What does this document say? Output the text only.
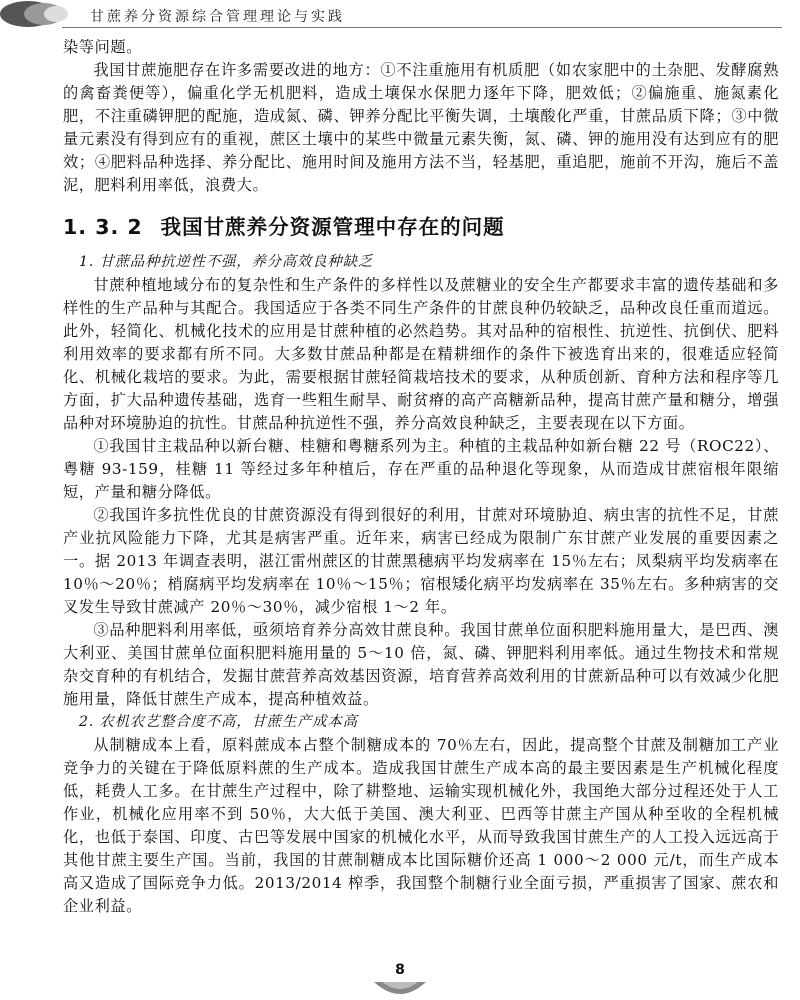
甘蔗养分资源综合管理理论与实践

染等问题。

我国甘蔗施肥存在许多需要改进的地方：①不注重施用有机质肥（如农家肥中的土杂肥、发酵腐熟的禽畜粪便等），偏重化学无机肥料，造成土壤保水保肥力逐年下降，肥效低；②偏施重、施氮素化肥，不注重磷钾肥的配施，造成氮、磷、钾养分配比平衡失调，土壤酸化严重，甘蔗品质下降；③中微量元素没有得到应有的重视，蔗区土壤中的某些中微量元素失衡，氮、磷、钾的施用没有达到应有的肥效；④肥料品种选择、养分配比、施用时间及施用方法不当，轻基肥，重追肥，施前不开沟，施后不盖泥，肥料利用率低，浪费大。

1. 3. 2 我国甘蔗养分资源管理中存在的问题

1. 甘蔗品种抗逆性不强，养分高效良种缺乏

甘蔗种植地域分布的复杂性和生产条件的多样性以及蔗糖业的安全生产都要求丰富的遗传基础和多样性的生产品种与其配合。我国适应于各类不同生产条件的甘蔗良种仍较缺乏，品种改良任重而道远。此外，轻简化、机械化技术的应用是甘蔗种植的必然趋势。其对品种的宿根性、抗逆性、抗倒伏、肥料利用效率的要求都有所不同。大多数甘蔗品种都是在精耕细作的条件下被选育出来的，很难适应轻简化、机械化栽培的要求。为此，需要根据甘蔗轻简栽培技术的要求，从种质创新、育种方法和程序等几方面，扩大品种遗传基础，选育一些粗生耐旱、耐贫瘠的高产高糖新品种，提高甘蔗产量和糖分，增强品种对环境胁迫的抗性。甘蔗品种抗逆性不强，养分高效良种缺乏，主要表现在以下方面。

①我国甘主栽品种以新台糖、桂糖和粤糖系列为主。种植的主栽品种如新台糖 22 号（ROC22）、粤糖 93-159，桂糖 11 等经过多年种植后，存在严重的品种退化等现象，从而造成甘蔗宿根年限缩短，产量和糖分降低。

②我国许多抗性优良的甘蔗资源没有得到很好的利用，甘蔗对环境胁迫、病虫害的抗性不足，甘蔗产业抗风险能力下降，尤其是病害严重。近年来，病害已经成为限制广东甘蔗产业发展的重要因素之一。据 2013 年调查表明，湛江雷州蔗区的甘蔗黑穗病平均发病率在 15％左右；凤梨病平均发病率在 10％～20％；梢腐病平均发病率在 10％～15％；宿根矮化病平均发病率在 35％左右。多种病害的交叉发生导致甘蔗减产 20％～30％，减少宿根 1～2 年。

③品种肥料利用率低，亟须培育养分高效甘蔗良种。我国甘蔗单位面积肥料施用量大，是巴西、澳大利亚、美国甘蔗单位面积肥料施用量的 5～10 倍，氮、磷、钾肥料利用率低。通过生物技术和常规杂交育种的有机结合，发掘甘蔗营养高效基因资源，培育营养高效利用的甘蔗新品种可以有效减少化肥施用量，降低甘蔗生产成本，提高种植效益。

2. 农机农艺整合度不高，甘蔗生产成本高

从制糖成本上看，原料蔗成本占整个制糖成本的 70％左右，因此，提高整个甘蔗及制糖加工产业竞争力的关键在于降低原料蔗的生产成本。造成我国甘蔗生产成本高的最主要因素是生产机械化程度低，耗费人工多。在甘蔗生产过程中，除了耕整地、运输实现机械化外，我国绝大部分过程还处于人工作业，机械化应用率不到 50％，大大低于美国、澳大利亚、巴西等甘蔗主产国从种至收的全程机械化，也低于泰国、印度、古巴等发展中国家的机械化水平，从而导致我国甘蔗生产的人工投入远远高于其他甘蔗主要生产国。当前，我国的甘蔗制糖成本比国际糖价还高 1 000～2 000 元/t，而生产成本高又造成了国际竞争力低。2013/2014 榨季，我国整个制糖行业全面亏损，严重损害了国家、蔗农和企业利益。

8
